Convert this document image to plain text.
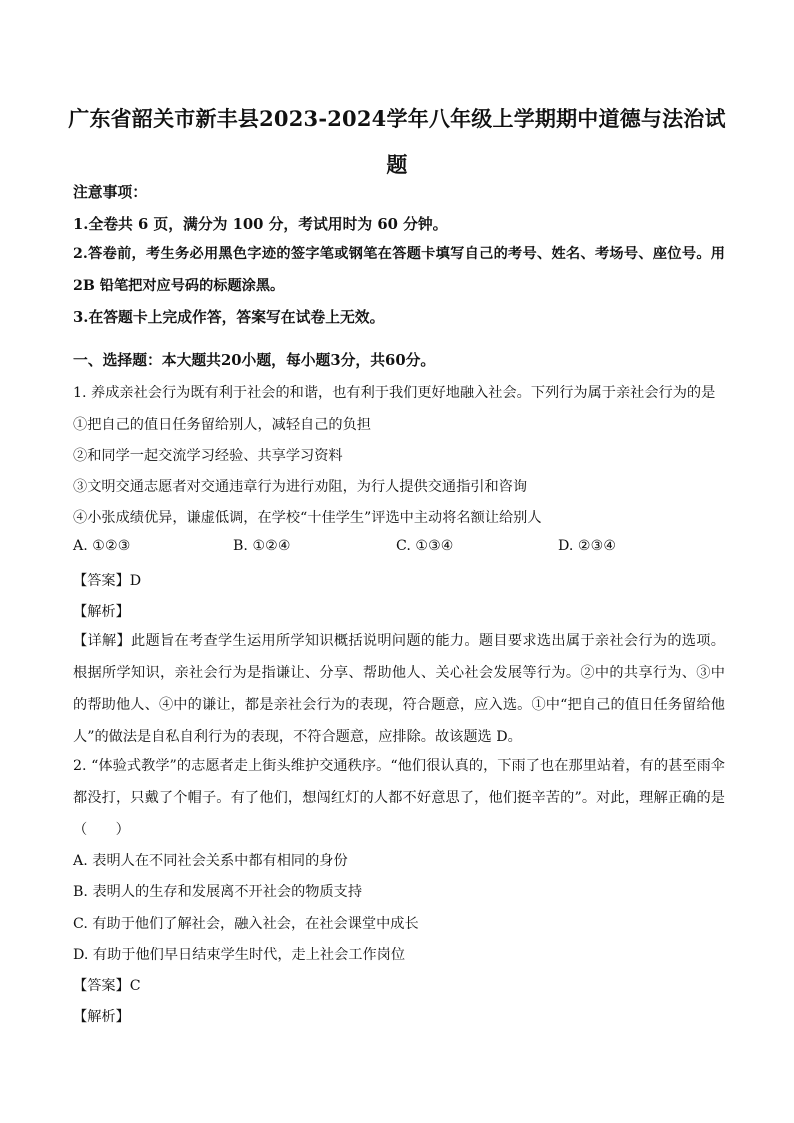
广东省韶关市新丰县2023-2024学年八年级上学期期中道德与法治试题
注意事项：
1.全卷共 6 页，满分为 100 分，考试用时为 60 分钟。
2.答卷前，考生务必用黑色字迹的签字笔或钢笔在答题卡填写自己的考号、姓名、考场号、座位号。用 2B 铅笔把对应号码的标题涂黑。
3.在答题卡上完成作答，答案写在试卷上无效。
一、选择题：本大题共20小题，每小题3分，共60分。
1. 养成亲社会行为既有利于社会的和谐，也有利于我们更好地融入社会。下列行为属于亲社会行为的是
①把自己的值日任务留给别人，减轻自己的负担
②和同学一起交流学习经验、共享学习资料
③文明交通志愿者对交通违章行为进行劝阻，为行人提供交通指引和咨询
④小张成绩优异，谦虚低调，在学校“十佳学生”评选中主动将名额让给别人
A. ①②③	B. ①②④	C. ①③④	D. ②③④
【答案】D
【解析】
【详解】此题旨在考查学生运用所学知识概括说明问题的能力。题目要求选出属于亲社会行为的选项。根据所学知识，亲社会行为是指谦让、分享、帮助他人、关心社会发展等行为。②中的共享行为、③中的帮助他人、④中的谦让，都是亲社会行为的表现，符合题意，应入选。①中“把自己的值日任务留给他人”的做法是自私自利行为的表现，不符合题意，应排除。故该题选 D。
2. “体验式教学”的志愿者走上街头维护交通秩序。“他们很认真的，下雨了也在那里站着，有的甚至雨伞都没打，只戴了个帽子。有了他们，想闯红灯的人都不好意思了，他们挺辛苦的”。对此，理解正确的是（　　）
A. 表明人在不同社会关系中都有相同的身份
B. 表明人的生存和发展离不开社会的物质支持
C. 有助于他们了解社会，融入社会，在社会课堂中成长
D. 有助于他们早日结束学生时代，走上社会工作岗位
【答案】C
【解析】
